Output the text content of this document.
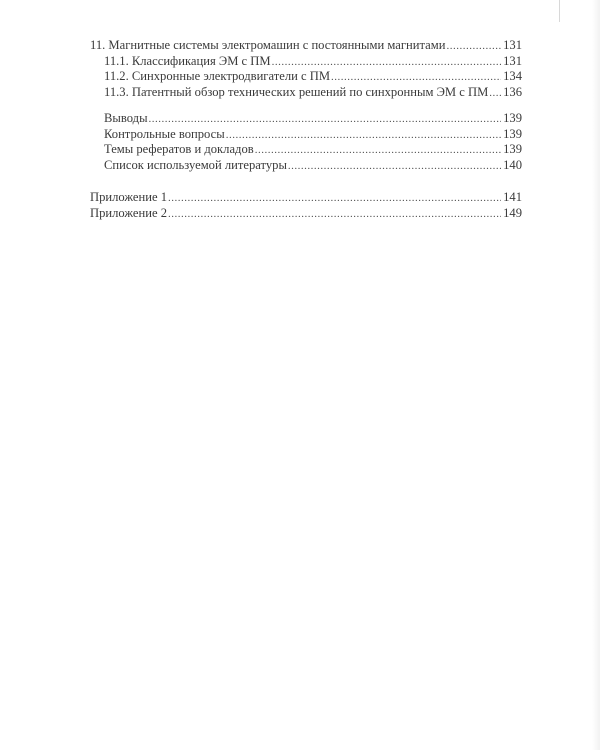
11. Магнитные системы электромашин с постоянными магнитами .....	131
11.1. Классификация ЭМ с ПМ .....	131
11.2. Синхронные электродвигатели с ПМ .....	134
11.3. Патентный обзор технических решений по синхронным ЭМ с ПМ ..... 136
Выводы .....	139
Контрольные вопросы .....	139
Темы рефератов и докладов .....	139
Список используемой литературы .....	140
Приложение 1 .....	141
Приложение 2 .....	149
